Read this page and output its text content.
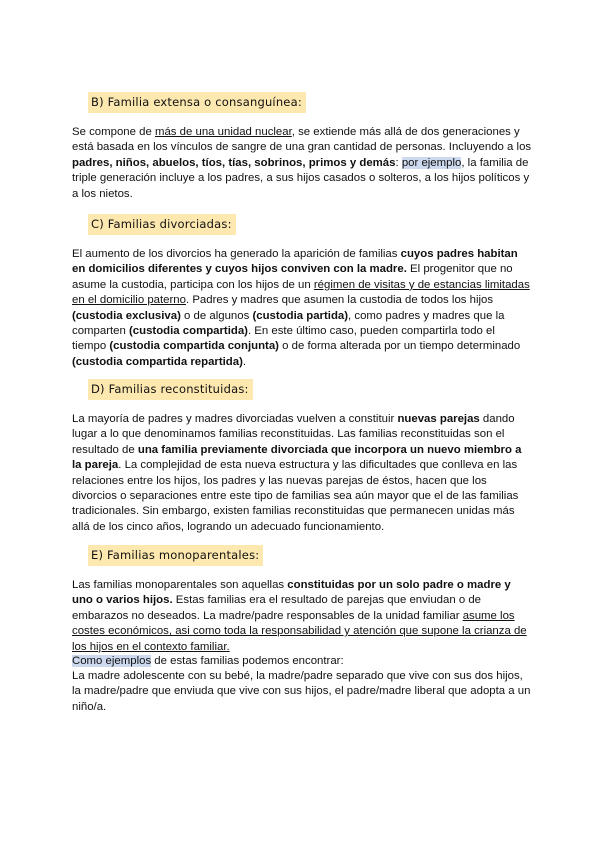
B) Familia extensa o consanguínea:
Se compone de más de una unidad nuclear, se extiende más allá de dos generaciones y está basada en los vínculos de sangre de una gran cantidad de personas. Incluyendo a los padres, niños, abuelos, tíos, tías, sobrinos, primos y demás: por ejemplo, la familia de triple generación incluye a los padres, a sus hijos casados o solteros, a los hijos políticos y a los nietos.
C) Familias divorciadas:
El aumento de los divorcios ha generado la aparición de familias cuyos padres habitan en domicilios diferentes y cuyos hijos conviven con la madre. El progenitor que no asume la custodia, participa con los hijos de un régimen de visitas y de estancias limitadas en el domicilio paterno. Padres y madres que asumen la custodia de todos los hijos (custodia exclusiva) o de algunos (custodia partida), como padres y madres que la comparten (custodia compartida). En este último caso, pueden compartirla todo el tiempo (custodia compartida conjunta) o de forma alterada por un tiempo determinado (custodia compartida repartida).
D) Familias reconstituidas:
La mayoría de padres y madres divorciadas vuelven a constituir nuevas parejas dando lugar a lo que denominamos familias reconstituidas. Las familias reconstituidas son el resultado de una familia previamente divorciada que incorpora un nuevo miembro a la pareja. La complejidad de esta nueva estructura y las dificultades que conlleva en las relaciones entre los hijos, los padres y las nuevas parejas de éstos, hacen que los divorcios o separaciones entre este tipo de familias sea aún mayor que el de las familias tradicionales. Sin embargo, existen familias reconstituidas que permanecen unidas más allá de los cinco años, logrando un adecuado funcionamiento.
E) Familias monoparentales:
Las familias monoparentales son aquellas constituidas por un solo padre o madre y uno o varios hijos. Estas familias era el resultado de parejas que enviudan o de embarazos no deseados. La madre/padre responsables de la unidad familiar asume los costes económicos, asi como toda la responsabilidad y atención que supone la crianza de los hijos en el contexto familiar.
Como ejemplos de estas familias podemos encontrar:
La madre adolescente con su bebé, la madre/padre separado que vive con sus dos hijos, la madre/padre que enviuda que vive con sus hijos, el padre/madre liberal que adopta a un niño/a.
